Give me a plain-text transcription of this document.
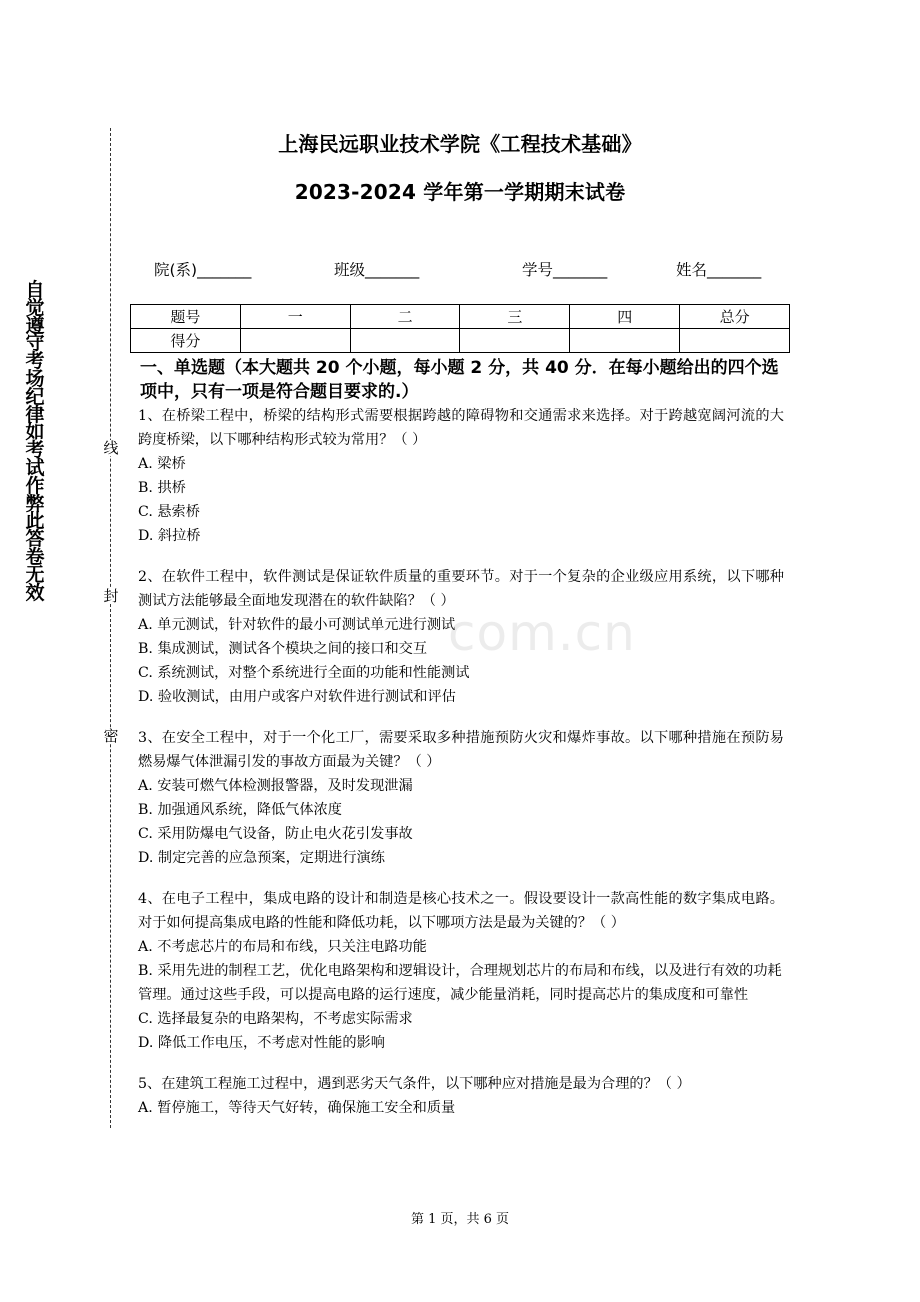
自
觉
遵
守
考
场
纪
律
如
考
试
作
弊
此
答
卷
无
效
线
封
密
上海民远职业技术学院《工程技术基础》
2023-2024 学年第一学期期末试卷
院(系)_______	班级_______	学号_______	姓名_______
题号	一	二	三	四	总分
得分					
一、单选题（本大题共 20 个小题，每小题 2 分，共 40 分．在每小题给出的四个选项中，只有一项是符合题目要求的.）
1、在桥梁工程中，桥梁的结构形式需要根据跨越的障碍物和交通需求来选择。对于跨越宽阔河流的大跨度桥梁，以下哪种结构形式较为常用？（ ）
A. 梁桥
B. 拱桥
C. 悬索桥
D. 斜拉桥
2、在软件工程中，软件测试是保证软件质量的重要环节。对于一个复杂的企业级应用系统，以下哪种测试方法能够最全面地发现潜在的软件缺陷？（ ）
A. 单元测试，针对软件的最小可测试单元进行测试
B. 集成测试，测试各个模块之间的接口和交互
C. 系统测试，对整个系统进行全面的功能和性能测试
D. 验收测试，由用户或客户对软件进行测试和评估
3、在安全工程中，对于一个化工厂，需要采取多种措施预防火灾和爆炸事故。以下哪种措施在预防易燃易爆气体泄漏引发的事故方面最为关键？（ ）
A. 安装可燃气体检测报警器，及时发现泄漏
B. 加强通风系统，降低气体浓度
C. 采用防爆电气设备，防止电火花引发事故
D. 制定完善的应急预案，定期进行演练
4、在电子工程中，集成电路的设计和制造是核心技术之一。假设要设计一款高性能的数字集成电路。对于如何提高集成电路的性能和降低功耗，以下哪项方法是最为关键的？（ ）
A. 不考虑芯片的布局和布线，只关注电路功能
B. 采用先进的制程工艺，优化电路架构和逻辑设计，合理规划芯片的布局和布线，以及进行有效的功耗管理。通过这些手段，可以提高电路的运行速度，减少能量消耗，同时提高芯片的集成度和可靠性
C. 选择最复杂的电路架构，不考虑实际需求
D. 降低工作电压，不考虑对性能的影响
5、在建筑工程施工过程中，遇到恶劣天气条件，以下哪种应对措施是最为合理的？（ ）
A. 暂停施工，等待天气好转，确保施工安全和质量
com.cn
第 1 页，共 6 页
